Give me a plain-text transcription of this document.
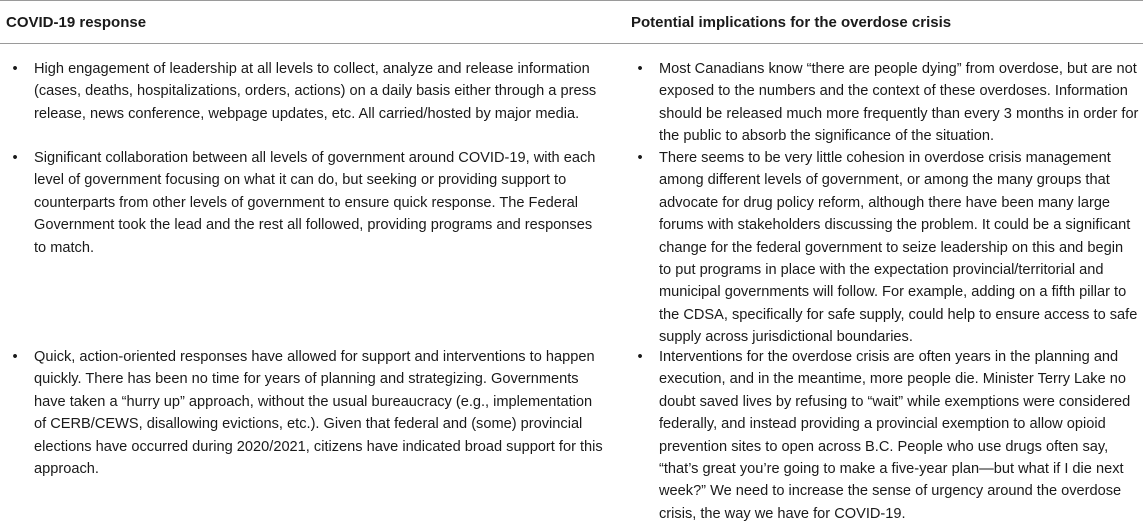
COVID-19 response	Potential implications for the overdose crisis
• High engagement of leadership at all levels to collect, analyze and release information (cases, deaths, hospitalizations, orders, actions) on a daily basis either through a press release, news conference, webpage updates, etc. All carried/hosted by major media.
• Most Canadians know “there are people dying” from overdose, but are not exposed to the numbers and the context of these overdoses. Information should be released much more frequently than every 3 months in order for the public to absorb the significance of the situation.
• Significant collaboration between all levels of government around COVID-19, with each level of government focusing on what it can do, but seeking or providing support to counterparts from other levels of government to ensure quick response. The Federal Government took the lead and the rest all followed, providing programs and responses to match.
• There seems to be very little cohesion in overdose crisis management among different levels of government, or among the many groups that advocate for drug policy reform, although there have been many large forums with stakeholders discussing the problem. It could be a significant change for the federal government to seize leadership on this and begin to put programs in place with the expectation provincial/territorial and municipal governments will follow. For example, adding on a fifth pillar to the CDSA, specifically for safe supply, could help to ensure access to safe supply across jurisdictional boundaries.
• Quick, action-oriented responses have allowed for support and interventions to happen quickly. There has been no time for years of planning and strategizing. Governments have taken a “hurry up” approach, without the usual bureaucracy (e.g., implementation of CERB/CEWS, disallowing evictions, etc.). Given that federal and (some) provincial elections have occurred during 2020/2021, citizens have indicated broad support for this approach.
• Interventions for the overdose crisis are often years in the planning and execution, and in the meantime, more people die. Minister Terry Lake no doubt saved lives by refusing to “wait” while exemptions were considered federally, and instead providing a provincial exemption to allow opioid prevention sites to open across B.C. People who use drugs often say, “that’s great you’re going to make a five-year plan—but what if I die next week?” We need to increase the sense of urgency around the overdose crisis, the way we have for COVID-19.
